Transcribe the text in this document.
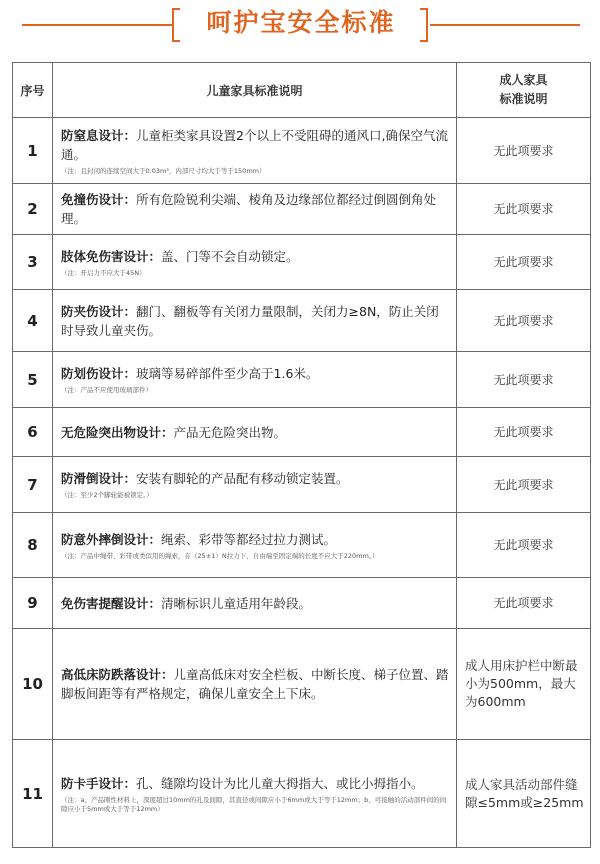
呵护宝安全标准
序号	儿童家具标准说明	成人家具
标准说明

1	防窒息设计：儿童柜类家具设置2个以上不受阻碍的通风口,确保空气流通。
（注：且封闭的连续空间大于0.03m³，内部尺寸均大于等于150mm）	无此项要求
2	免撞伤设计：所有危险锐利尖端、棱角及边缘部位都经过倒圆倒角处理。	无此项要求
3	肢体免伤害设计：盖、门等不会自动锁定。
（注：开启力不应大于45N）	无此项要求
4	防夹伤设计：翻门、翻板等有关闭力量限制，关闭力≥8N，防止关闭时导致儿童夹伤。	无此项要求
5	防划伤设计：玻璃等易碎部件至少高于1.6米。
（注：产品不应使用玻璃部件）	无此项要求
6	无危险突出物设计：产品无危险突出物。	无此项要求
7	防滑倒设计：安装有脚轮的产品配有移动锁定装置。
（注：至少2个脚轮能被锁定。）	无此项要求
8	防意外摔倒设计：绳索、彩带等都经过拉力测试。
（注：产品中绳带、彩带或类似用的绳索，在（25±1）N拉力下，自由端至固定端的长度不应大于220mm。）	无此项要求
9	免伤害提醒设计：清晰标识儿童适用年龄段。	无此项要求
10	高低床防跌落设计：儿童高低床对安全栏板、中断长度、梯子位置、踏脚板间距等有严格规定，确保儿童安全上下床。	成人用床护栏中断最小为500mm，最大为600mm
11	防卡手设计：孔、缝隙均设计为比儿童大拇指大、或比小拇指小。
（注：a、产品刚性材料上，深度超过10mm的孔及间隙，其直径或间隙应小于6mm或大于等于12mm；b、可接触的活动部件间的间隙应小于5mm或大于等于12mm）	成人家具活动部件缝隙≤5mm或≥25mm
